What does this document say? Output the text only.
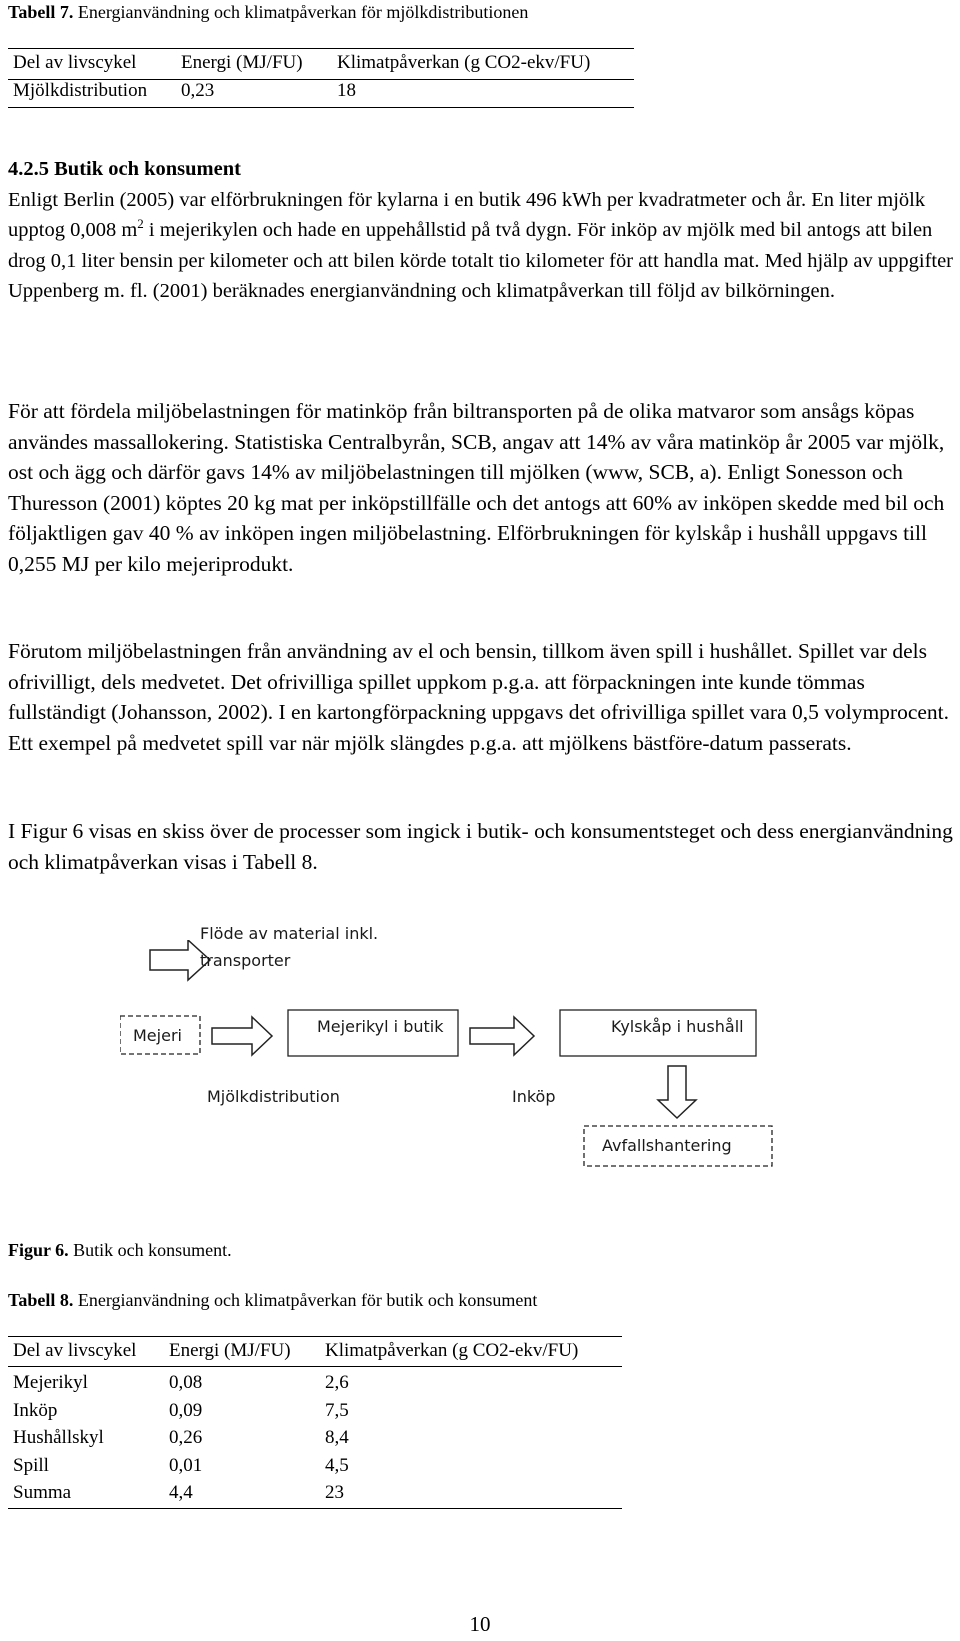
Tabell 7. Energianvändning och klimatpåverkan för mjölkdistributionen
Del av livscykel	Energi (MJ/FU)	Klimatpåverkan (g CO2-ekv/FU)
Mjölkdistribution	0,23	18
4.2.5 Butik och konsument
Enligt Berlin (2005) var elförbrukningen för kylarna i en butik 496 kWh per kvadratmeter och år. En liter mjölk upptog 0,008 $m^2$ i mejerikylen och hade en uppehållstid på två dygn. För inköp av mjölk med bil antogs att bilen drog 0,1 liter bensin per kilometer och att bilen körde totalt tio kilometer för att handla mat. Med hjälp av uppgifter Uppenberg m. fl. (2001) beräknades energianvändning och klimatpåverkan till följd av bilkörningen.

För att fördela miljöbelastningen för matinköp från biltransporten på de olika matvaror som ansågs köpas användes massallokering. Statistiska Centralbyrån, SCB, angav att 14% av våra matinköp år 2005 var mjölk, ost och ägg och därför gavs 14% av miljöbelastningen till mjölken (www, SCB, a). Enligt Sonesson och Thuresson (2001) köptes 20 kg mat per inköpstillfälle och det antogs att 60% av inköpen skedde med bil och följaktligen gav 40 % av inköpen ingen miljöbelastning. Elförbrukningen för kylskåp i hushåll uppgavs till 0,255 MJ per kilo mejeriprodukt.

Förutom miljöbelastningen från användning av el och bensin, tillkom även spill i hushållet. Spillet var dels ofrivilligt, dels medvetet. Det ofrivilliga spillet uppkom p.g.a. att förpackningen inte kunde tömmas fullständigt (Johansson, 2002). I en kartongförpackning uppgavs det ofrivilliga spillet vara 0,5 volymprocent. Ett exempel på medvetet spill var när mjölk slängdes p.g.a. att mjölkens bästföre-datum passerats.

I Figur 6 visas en skiss över de processer som ingick i butik- och konsumentsteget och dess energianvändning och klimatpåverkan visas i Tabell 8.

Mejeri	Mejerikyl i butik	Kylskåp i hushåll
Mjölkdistribution	Inköp
Avfallshantering
Flöde av material inkl.
transporter
Figur 6. Butik och konsument.
Tabell 8. Energianvändning och klimatpåverkan för butik och konsument
Del av livscykel	Energi (MJ/FU)	Klimatpåverkan (g CO2-ekv/FU)

Mejerikyl	0,08	2,6
Inköp	0,09	7,5
Hushållskyl	0,26	8,4
Spill	0,01	4,5
Summa	4,4	23
10
